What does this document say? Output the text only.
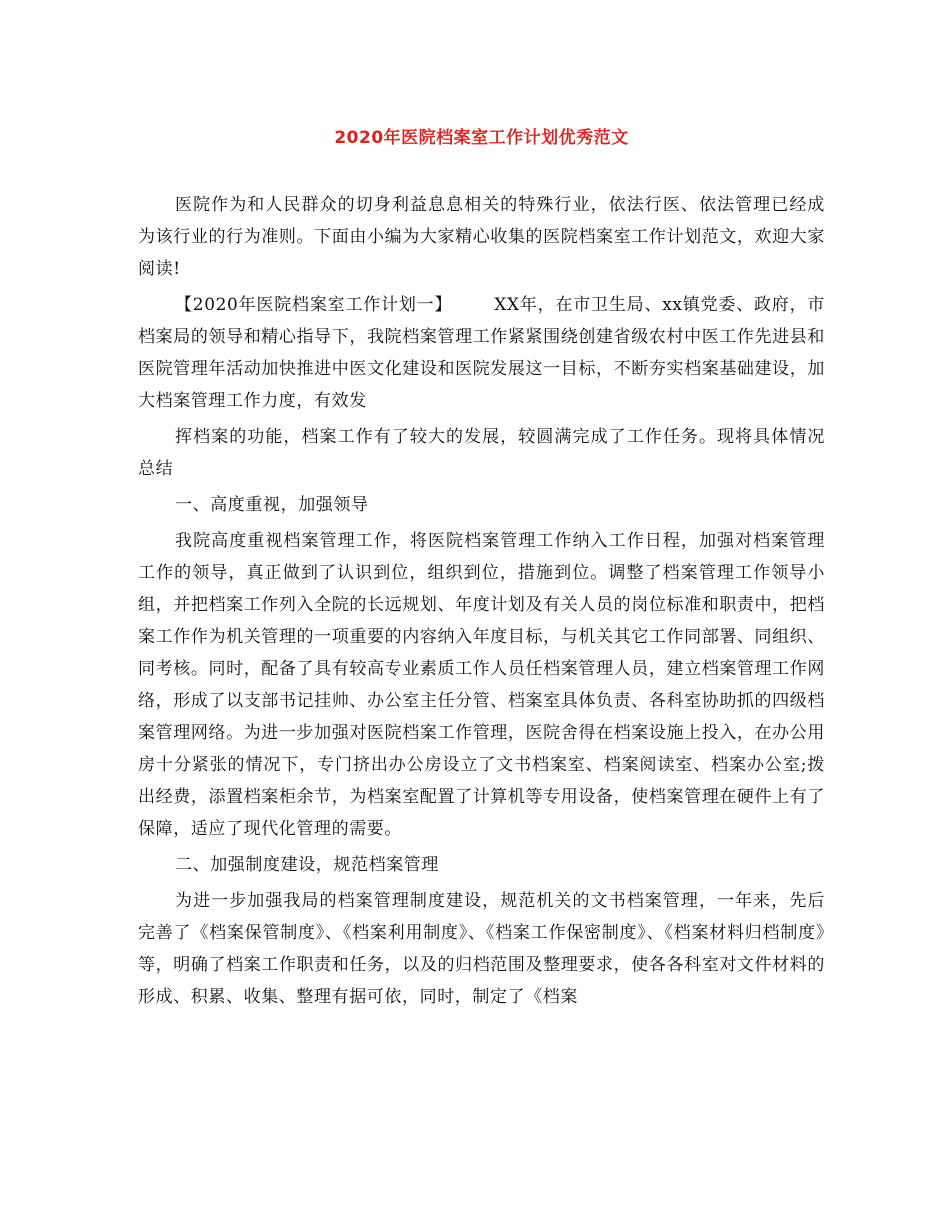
2020年医院档案室工作计划优秀范文

医院作为和人民群众的切身利益息息相关的特殊行业，依法行医、依法管理已经成为该行业的行为准则。下面由小编为大家精心收集的医院档案室工作计划范文，欢迎大家阅读!

【2020年医院档案室工作计划一】 XX年，在市卫生局、xx镇党委、政府，市档案局的领导和精心指导下，我院档案管理工作紧紧围绕创建省级农村中医工作先进县和医院管理年活动加快推进中医文化建设和医院发展这一目标，不断夯实档案基础建设，加大档案管理工作力度，有效发

挥档案的功能，档案工作有了较大的发展，较圆满完成了工作任务。现将具体情况总结

一、高度重视，加强领导

我院高度重视档案管理工作，将医院档案管理工作纳入工作日程，加强对档案管理工作的领导，真正做到了认识到位，组织到位，措施到位。调整了档案管理工作领导小组，并把档案工作列入全院的长远规划、年度计划及有关人员的岗位标准和职责中，把档案工作作为机关管理的一项重要的内容纳入年度目标，与机关其它工作同部署、同组织、同考核。同时，配备了具有较高专业素质工作人员任档案管理人员，建立档案管理工作网络，形成了以支部书记挂帅、办公室主任分管、档案室具体负责、各科室协助抓的四级档案管理网络。为进一步加强对医院档案工作管理，医院舍得在档案设施上投入，在办公用房十分紧张的情况下，专门挤出办公房设立了文书档案室、档案阅读室、档案办公室;拨出经费，添置档案柜余节，为档案室配置了计算机等专用设备，使档案管理在硬件上有了保障，适应了现代化管理的需要。

二、加强制度建设，规范档案管理

为进一步加强我局的档案管理制度建设，规范机关的文书档案管理，一年来，先后完善了《档案保管制度》、《档案利用制度》、《档案工作保密制度》、《档案材料归档制度》等，明确了档案工作职责和任务，以及的归档范围及整理要求，使各各科室对文件材料的形成、积累、收集、整理有据可依，同时，制定了《档案
